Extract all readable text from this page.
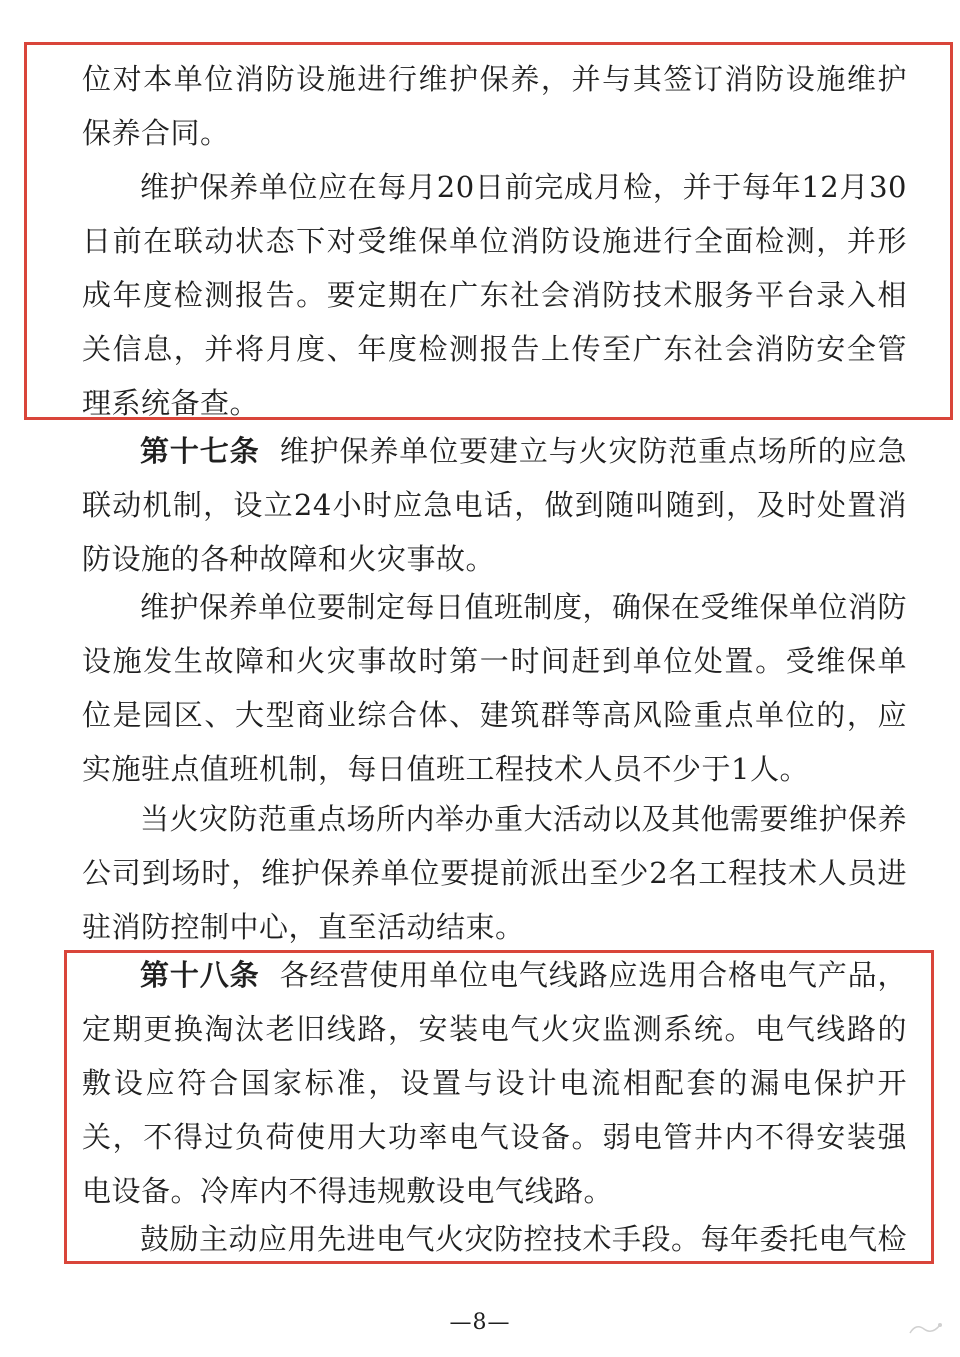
位对本单位消防设施进行维护保养，并与其签订消防设施维护保养合同。

维护保养单位应在每月20日前完成月检，并于每年12月30日前在联动状态下对受维保单位消防设施进行全面检测，并形成年度检测报告。要定期在广东社会消防技术服务平台录入相关信息，并将月度、年度检测报告上传至广东社会消防安全管理系统备查。

第十七条 维护保养单位要建立与火灾防范重点场所的应急联动机制，设立24小时应急电话，做到随叫随到，及时处置消防设施的各种故障和火灾事故。

维护保养单位要制定每日值班制度，确保在受维保单位消防设施发生故障和火灾事故时第一时间赶到单位处置。受维保单位是园区、大型商业综合体、建筑群等高风险重点单位的，应实施驻点值班机制，每日值班工程技术人员不少于1人。

当火灾防范重点场所内举办重大活动以及其他需要维护保养公司到场时，维护保养单位要提前派出至少2名工程技术人员进驻消防控制中心，直至活动结束。

第十八条 各经营使用单位电气线路应选用合格电气产品，定期更换淘汰老旧线路，安装电气火灾监测系统。电气线路的敷设应符合国家标准，设置与设计电流相配套的漏电保护开关，不得过负荷使用大功率电气设备。弱电管井内不得安装强电设备。冷库内不得违规敷设电气线路。

鼓励主动应用先进电气火灾防控技术手段。每年委托电气检

—8—
